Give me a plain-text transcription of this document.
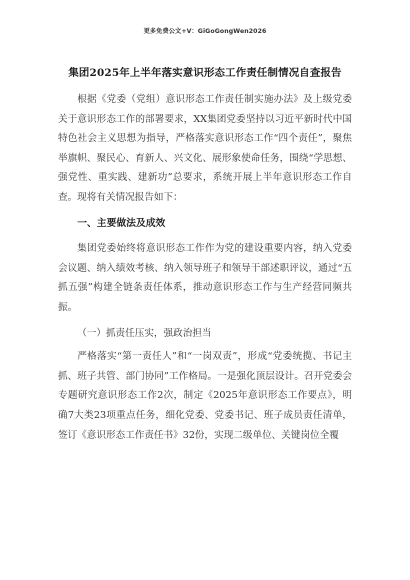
更多免费公文+V：GiGoGongWen2026
集团2025年上半年落实意识形态工作责任制情况自查报告

根据《党委（党组）意识形态工作责任制实施办法》及上级党委关于意识形态工作的部署要求，XX集团党委坚持以习近平新时代中国特色社会主义思想为指导，严格落实意识形态工作“四个责任”，聚焦举旗帜、聚民心、育新人、兴文化、展形象使命任务，围绕“学思想、强党性、重实践、建新功”总要求，系统开展上半年意识形态工作自查。现将有关情况报告如下：

一、主要做法及成效

集团党委始终将意识形态工作作为党的建设重要内容，纳入党委会议题、纳入绩效考核、纳入领导班子和领导干部述职评议，通过“五抓五强”构建全链条责任体系，推动意识形态工作与生产经营同频共振。

（一）抓责任压实，强政治担当

严格落实“第一责任人”和“一岗双责”，形成“党委统揽、书记主抓、班子共管、部门协同”工作格局。一是强化顶层设计。召开党委会专题研究意识形态工作2次，制定《2025年意识形态工作要点》，明确7大类23项重点任务，细化党委、党委书记、班子成员责任清单，签订《意识形态工作责任书》32份，实现二级单位、关键岗位全覆
